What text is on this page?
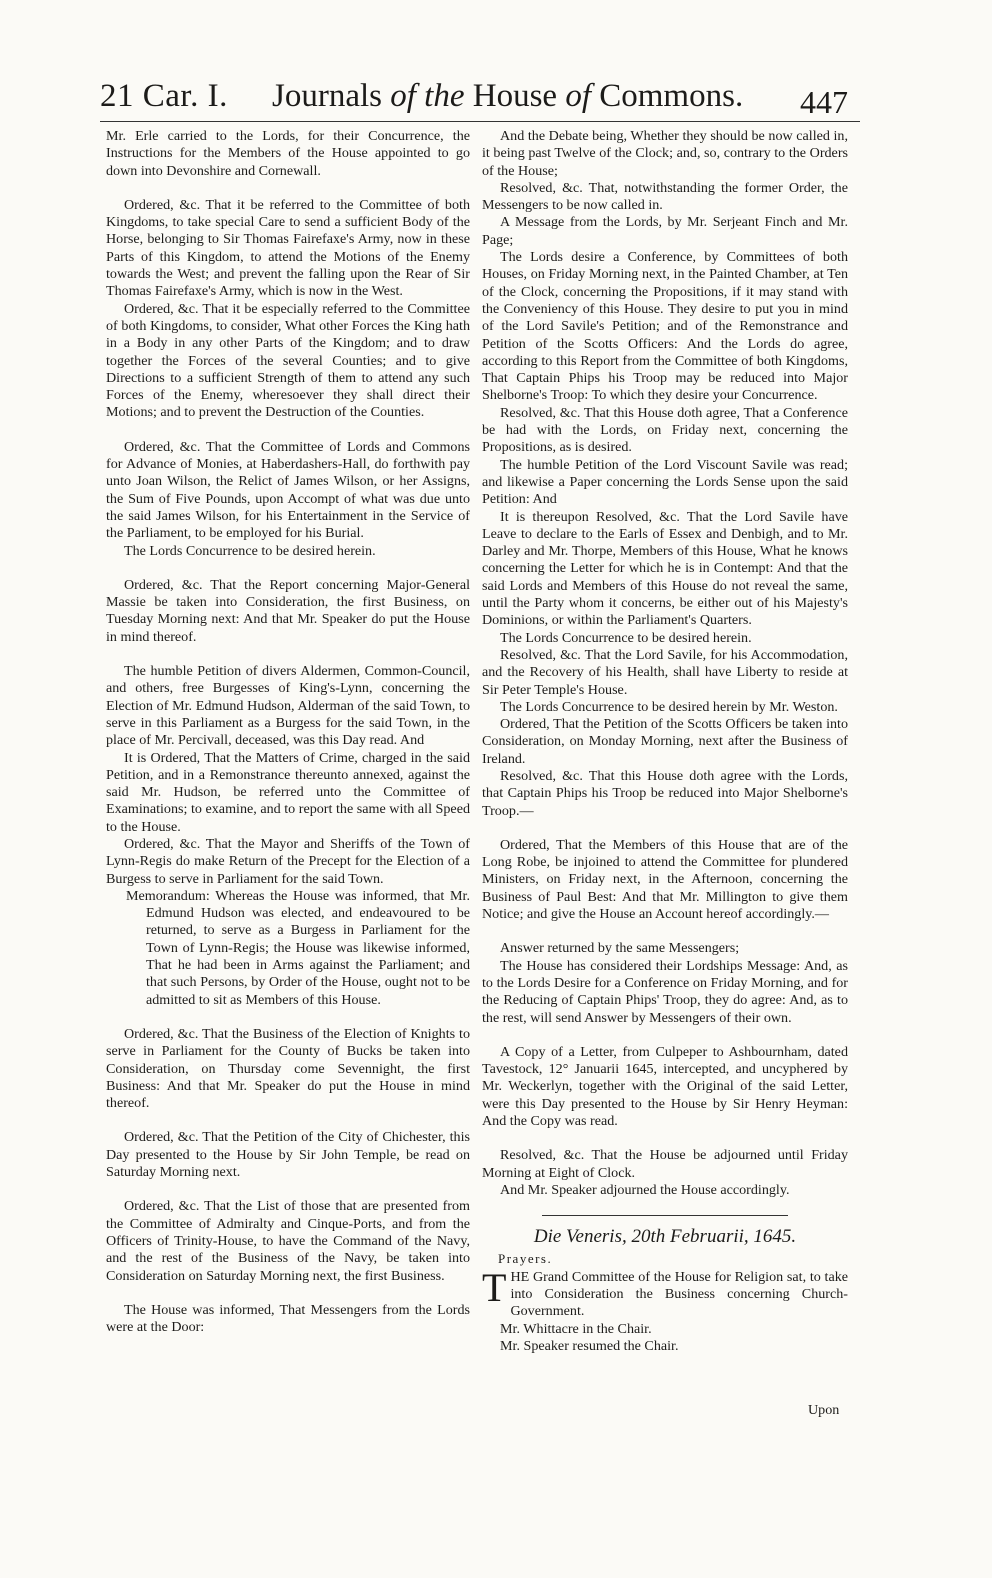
21 Car. I. Journals of the House of Commons. 447

Mr. Erle carried to the Lords, for their Concurrence, the Instructions for the Members of the House appointed to go down into Devonshire and Cornewall.

Ordered, &c. That it be referred to the Committee of both Kingdoms, to take special Care to send a sufficient Body of the Horse, belonging to Sir Thomas Fairefaxe's Army, now in these Parts of this Kingdom, to attend the Motions of the Enemy towards the West; and prevent the falling upon the Rear of Sir Thomas Fairefaxe's Army, which is now in the West.

Ordered, &c. That it be especially referred to the Committee of both Kingdoms, to consider, What other Forces the King hath in a Body in any other Parts of the Kingdom; and to draw together the Forces of the several Counties; and to give Directions to a sufficient Strength of them to attend any such Forces of the Enemy, wheresoever they shall direct their Motions; and to prevent the Destruction of the Counties.

Ordered, &c. That the Committee of Lords and Commons for Advance of Monies, at Haberdashers-Hall, do forthwith pay unto Joan Wilson, the Relict of James Wilson, or her Assigns, the Sum of Five Pounds, upon Accompt of what was due unto the said James Wilson, for his Entertainment in the Service of the Parliament, to be employed for his Burial.

The Lords Concurrence to be desired herein.

Ordered, &c. That the Report concerning Major-General Massie be taken into Consideration, the first Business, on Tuesday Morning next: And that Mr. Speaker do put the House in mind thereof.

The humble Petition of divers Aldermen, Common-Council, and others, free Burgesses of King's-Lynn, concerning the Election of Mr. Edmund Hudson, Alderman of the said Town, to serve in this Parliament as a Burgess for the said Town, in the place of Mr. Percivall, deceased, was this Day read. And

It is Ordered, That the Matters of Crime, charged in the said Petition, and in a Remonstrance thereunto annexed, against the said Mr. Hudson, be referred unto the Committee of Examinations; to examine, and to report the same with all Speed to the House.

Ordered, &c. That the Mayor and Sheriffs of the Town of Lynn-Regis do make Return of the Precept for the Election of a Burgess to serve in Parliament for the said Town.

Memorandum: Whereas the House was informed, that Mr. Edmund Hudson was elected, and endeavoured to be returned, to serve as a Burgess in Parliament for the Town of Lynn-Regis; the House was likewise informed, That he had been in Arms against the Parliament; and that such Persons, by Order of the House, ought not to be admitted to sit as Members of this House.

Ordered, &c. That the Business of the Election of Knights to serve in Parliament for the County of Bucks be taken into Consideration, on Thursday come Sevennight, the first Business: And that Mr. Speaker do put the House in mind thereof.

Ordered, &c. That the Petition of the City of Chichester, this Day presented to the House by Sir John Temple, be read on Saturday Morning next.

Ordered, &c. That the List of those that are presented from the Committee of Admiralty and Cinque-Ports, and from the Officers of Trinity-House, to have the Command of the Navy, and the rest of the Business of the Navy, be taken into Consideration on Saturday Morning next, the first Business.

The House was informed, That Messengers from the Lords were at the Door:

And the Debate being, Whether they should be now called in, it being past Twelve of the Clock; and, so, contrary to the Orders of the House;

Resolved, &c. That, notwithstanding the former Order, the Messengers to be now called in.

A Message from the Lords, by Mr. Serjeant Finch and Mr. Page;

The Lords desire a Conference, by Committees of both Houses, on Friday Morning next, in the Painted Chamber, at Ten of the Clock, concerning the Propositions, if it may stand with the Conveniency of this House. They desire to put you in mind of the Lord Savile's Petition; and of the Remonstrance and Petition of the Scotts Officers: And the Lords do agree, according to this Report from the Committee of both Kingdoms, That Captain Phips his Troop may be reduced into Major Shelborne's Troop: To which they desire your Concurrence.

Resolved, &c. That this House doth agree, That a Conference be had with the Lords, on Friday next, concerning the Propositions, as is desired.

The humble Petition of the Lord Viscount Savile was read; and likewise a Paper concerning the Lords Sense upon the said Petition: And

It is thereupon Resolved, &c. That the Lord Savile have Leave to declare to the Earls of Essex and Denbigh, and to Mr. Darley and Mr. Thorpe, Members of this House, What he knows concerning the Letter for which he is in Contempt: And that the said Lords and Members of this House do not reveal the same, until the Party whom it concerns, be either out of his Majesty's Dominions, or within the Parliament's Quarters.

The Lords Concurrence to be desired herein.

Resolved, &c. That the Lord Savile, for his Accommodation, and the Recovery of his Health, shall have Liberty to reside at Sir Peter Temple's House.

The Lords Concurrence to be desired herein by Mr. Weston.

Ordered, That the Petition of the Scotts Officers be taken into Consideration, on Monday Morning, next after the Business of Ireland.

Resolved, &c. That this House doth agree with the Lords, that Captain Phips his Troop be reduced into Major Shelborne's Troop.—

Ordered, That the Members of this House that are of the Long Robe, be injoined to attend the Committee for plundered Ministers, on Friday next, in the Afternoon, concerning the Business of Paul Best: And that Mr. Millington to give them Notice; and give the House an Account hereof accordingly.—

Answer returned by the same Messengers;

The House has considered their Lordships Message: And, as to the Lords Desire for a Conference on Friday Morning, and for the Reducing of Captain Phips' Troop, they do agree: And, as to the rest, will send Answer by Messengers of their own.

A Copy of a Letter, from Culpeper to Ashbournham, dated Tavestock, 12° Januarii 1645, intercepted, and uncyphered by Mr. Weckerlyn, together with the Original of the said Letter, were this Day presented to the House by Sir Henry Heyman: And the Copy was read.

Resolved, &c. That the House be adjourned until Friday Morning at Eight of Clock.

And Mr. Speaker adjourned the House accordingly.

Die Veneris, 20th Februarii, 1645.
Prayers.

THE Grand Committee of the House for Religion sat, to take into Consideration the Business concerning Church-Government.

Mr. Whittacre in the Chair.

Mr. Speaker resumed the Chair.

Upon
